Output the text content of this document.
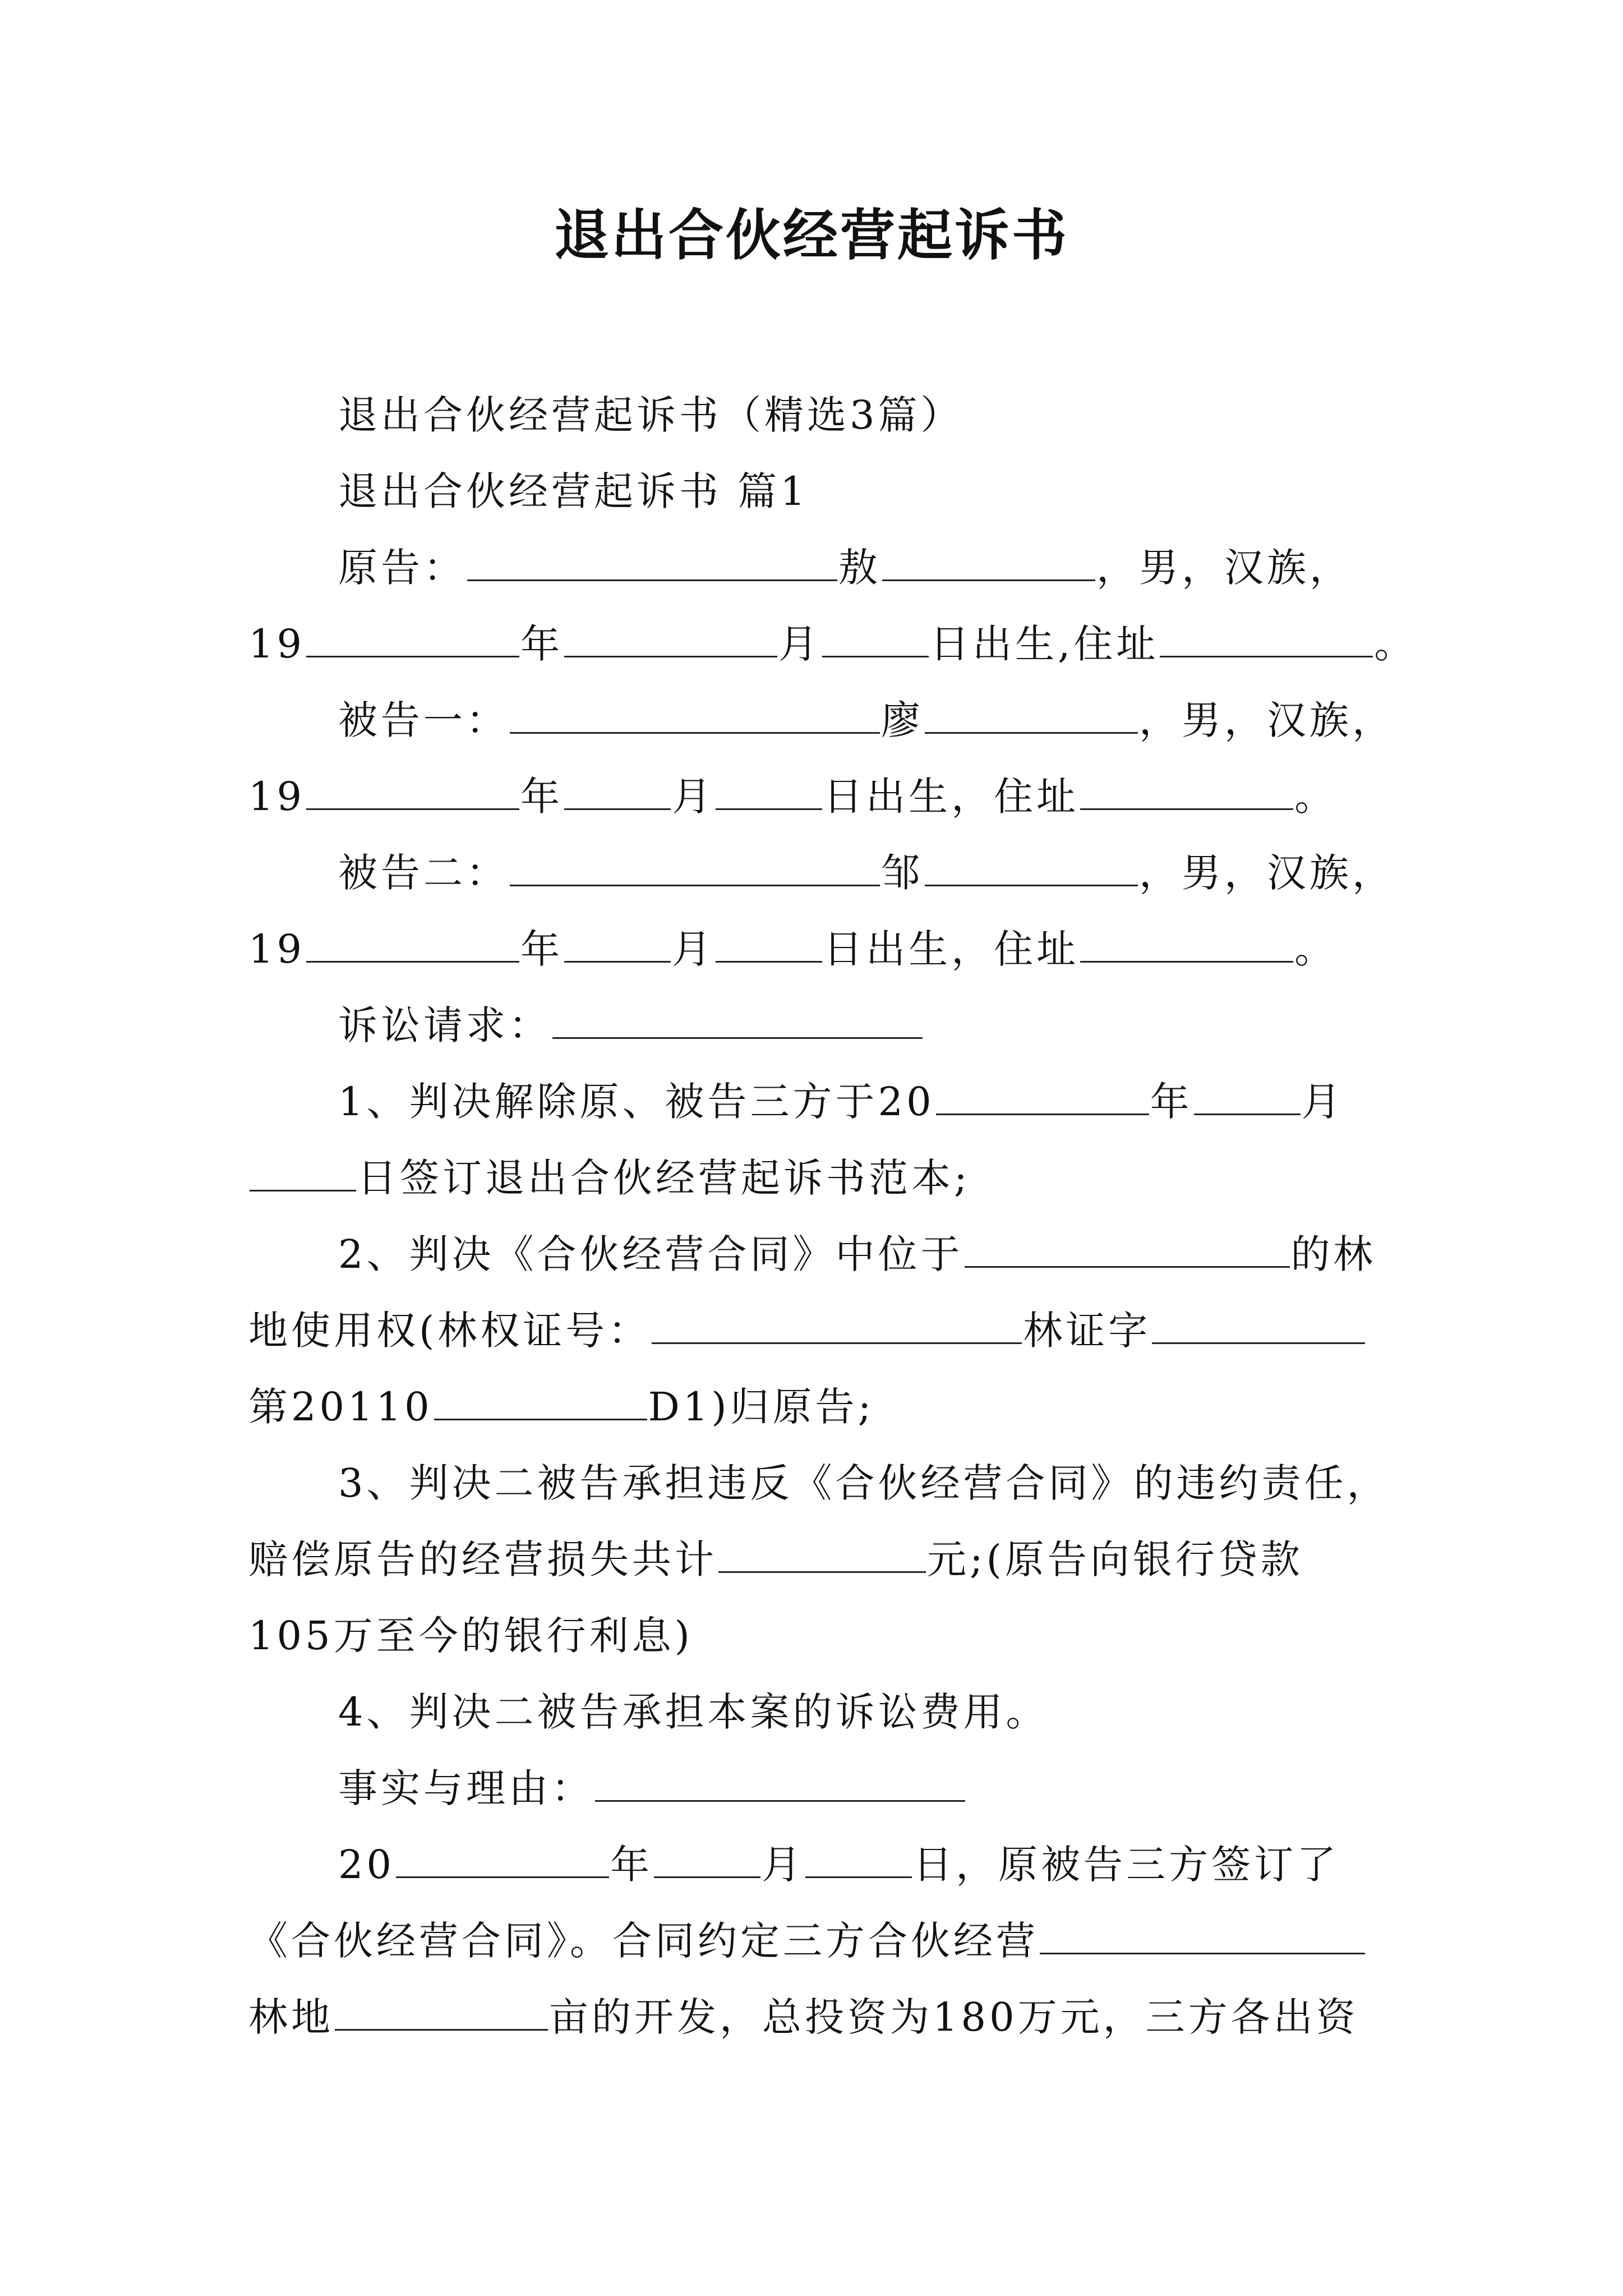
退出合伙经营起诉书
退出合伙经营起诉书（精选3篇）
退出合伙经营起诉书 篇1
原告：	敖	，男，汉族，
19	年	月	日出生,住址	。
被告一：	廖	，男，汉族，
19	年	月	日出生，住址	。
被告二：	邹	，男，汉族，
19	年	月	日出生，住址	。
诉讼请求：
1、判决解除原、被告三方于20	年	月
日签订退出合伙经营起诉书范本;
2、判决《合伙经营合同》中位于	的林
地使用权(林权证号：	林证字
第20110	D1)归原告;
3、判决二被告承担违反《合伙经营合同》的违约责任，
赔偿原告的经营损失共计	元;(原告向银行贷款
105万至今的银行利息)
4、判决二被告承担本案的诉讼费用。
事实与理由：
20	年	月	日，原被告三方签订了
《合伙经营合同》。合同约定三方合伙经营
林地	亩的开发，总投资为180万元，三方各出资
